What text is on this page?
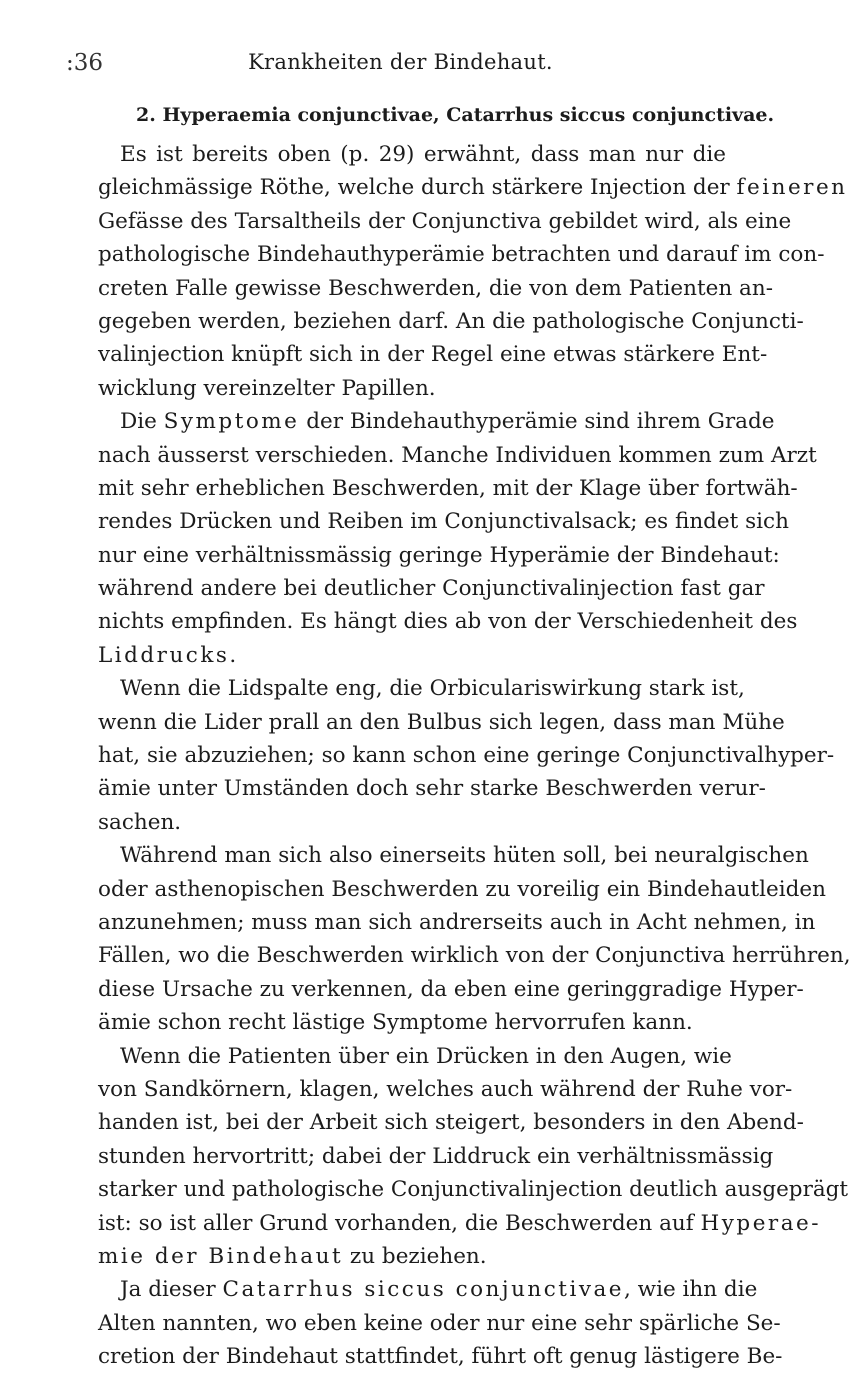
:36	Krankheiten der Bindehaut.
2. Hyperaemia conjunctivae, Catarrhus siccus conjunctivae.
Es ist bereits oben (p. 29) erwähnt, dass man nur die
gleichmässige Röthe, welche durch stärkere Injection der feineren
Gefässe des Tarsaltheils der Conjunctiva gebildet wird, als eine
pathologische Bindehauthyperämie betrachten und darauf im con-
creten Falle gewisse Beschwerden, die von dem Patienten an-
gegeben werden, beziehen darf. An die pathologische Conjuncti-
valinjection knüpft sich in der Regel eine etwas stärkere Ent-
wicklung vereinzelter Papillen.
Die Symptome der Bindehauthyperämie sind ihrem Grade
nach äusserst verschieden. Manche Individuen kommen zum Arzt
mit sehr erheblichen Beschwerden, mit der Klage über fortwäh-
rendes Drücken und Reiben im Conjunctivalsack; es findet sich
nur eine verhältnissmässig geringe Hyperämie der Bindehaut:
während andere bei deutlicher Conjunctivalinjection fast gar
nichts empfinden. Es hängt dies ab von der Verschiedenheit des
Liddrucks.
Wenn die Lidspalte eng, die Orbiculariswirkung stark ist,
wenn die Lider prall an den Bulbus sich legen, dass man Mühe
hat, sie abzuziehen; so kann schon eine geringe Conjunctivalhyper-
ämie unter Umständen doch sehr starke Beschwerden verur-
sachen.
Während man sich also einerseits hüten soll, bei neuralgischen
oder asthenopischen Beschwerden zu voreilig ein Bindehautleiden
anzunehmen; muss man sich andrerseits auch in Acht nehmen, in
Fällen, wo die Beschwerden wirklich von der Conjunctiva herrühren,
diese Ursache zu verkennen, da eben eine geringgradige Hyper-
ämie schon recht lästige Symptome hervorrufen kann.
Wenn die Patienten über ein Drücken in den Augen, wie
von Sandkörnern, klagen, welches auch während der Ruhe vor-
handen ist, bei der Arbeit sich steigert, besonders in den Abend-
stunden hervortritt; dabei der Liddruck ein verhältnissmässig
starker und pathologische Conjunctivalinjection deutlich ausgeprägt
ist: so ist aller Grund vorhanden, die Beschwerden auf Hyperae-
mie der Bindehaut zu beziehen.
Ja dieser Catarrhus siccus conjunctivae, wie ihn die
Alten nannten, wo eben keine oder nur eine sehr spärliche Se-
cretion der Bindehaut stattfindet, führt oft genug lästigere Be-
